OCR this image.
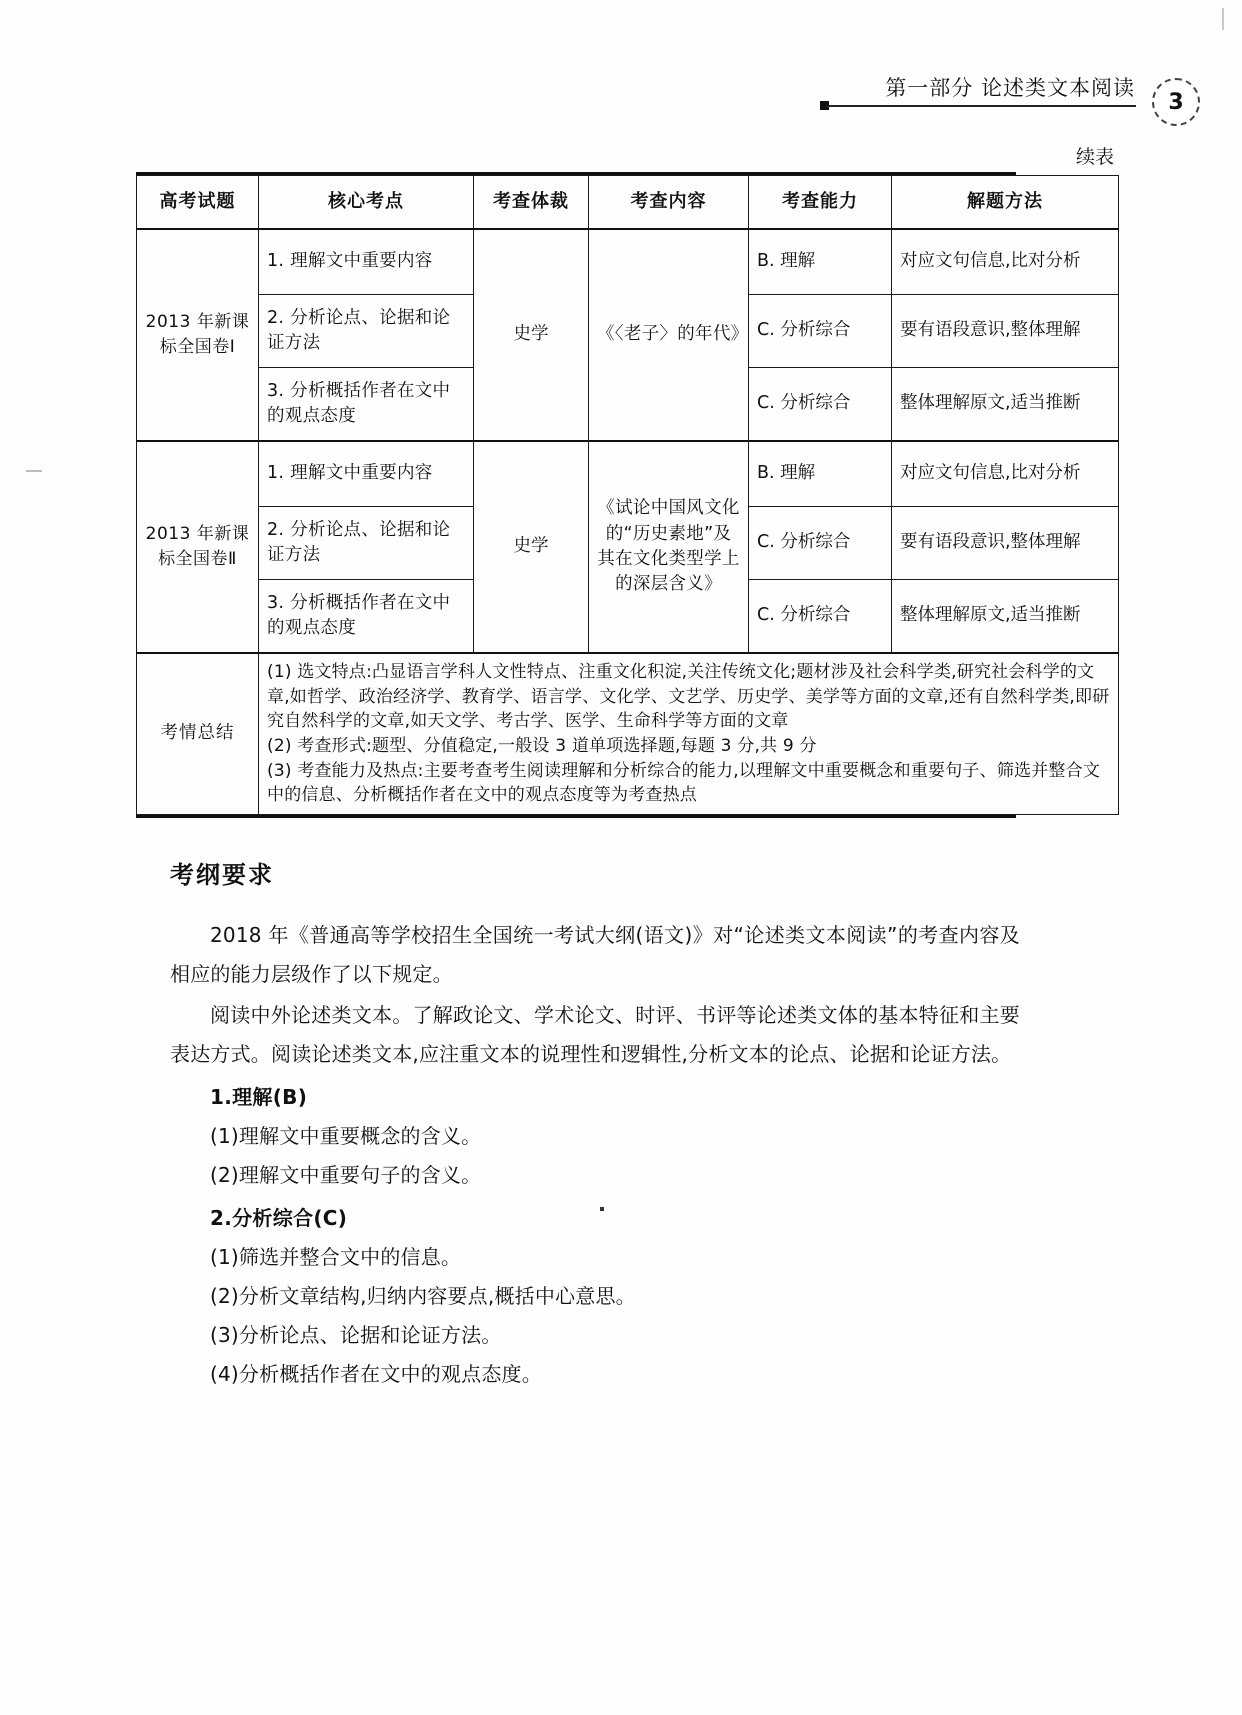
第一部分 论述类文本阅读
3
续表
高考试题	核心考点	考查体裁	考查内容	考查能力	解题方法
2013 年新课标全国卷Ⅰ	1. 理解文中重要内容	史学	《〈老子〉的年代》	B. 理解	对应文句信息,比对分析
	2. 分析论点、论据和论证方法			C. 分析综合	要有语段意识,整体理解
	3. 分析概括作者在文中的观点态度			C. 分析综合	整体理解原文,适当推断
2013 年新课标全国卷Ⅱ	1. 理解文中重要内容	史学	《试论中国风文化的“历史素地”及其在文化类型学上的深层含义》	B. 理解	对应文句信息,比对分析
	2. 分析论点、论据和论证方法			C. 分析综合	要有语段意识,整体理解
	3. 分析概括作者在文中的观点态度			C. 分析综合	整体理解原文,适当推断
考情总结	(1) 选文特点:凸显语言学科人文性特点、注重文化积淀,关注传统文化;题材涉及社会科学类,研究社会科学的文章,如哲学、政治经济学、教育学、语言学、文化学、文艺学、历史学、美学等方面的文章,还有自然科学类,即研究自然科学的文章,如天文学、考古学、医学、生命科学等方面的文章

(2) 考查形式:题型、分值稳定,一般设 3 道单项选择题,每题 3 分,共 9 分

(3) 考查能力及热点:主要考查考生阅读理解和分析综合的能力,以理解文中重要概念和重要句子、筛选并整合文中的信息、分析概括作者在文中的观点态度等为考查热点				

考纲要求

2018 年《普通高等学校招生全国统一考试大纲(语文)》对“论述类文本阅读”的考查内容及相应的能力层级作了以下规定。

阅读中外论述类文本。了解政论文、学术论文、时评、书评等论述类文体的基本特征和主要表达方式。阅读论述类文本,应注重文本的说理性和逻辑性,分析文本的论点、论据和论证方法。

1.理解(B)

(1)理解文中重要概念的含义。

(2)理解文中重要句子的含义。

2.分析综合(C)

(1)筛选并整合文中的信息。

(2)分析文章结构,归纳内容要点,概括中心意思。

(3)分析论点、论据和论证方法。

(4)分析概括作者在文中的观点态度。
